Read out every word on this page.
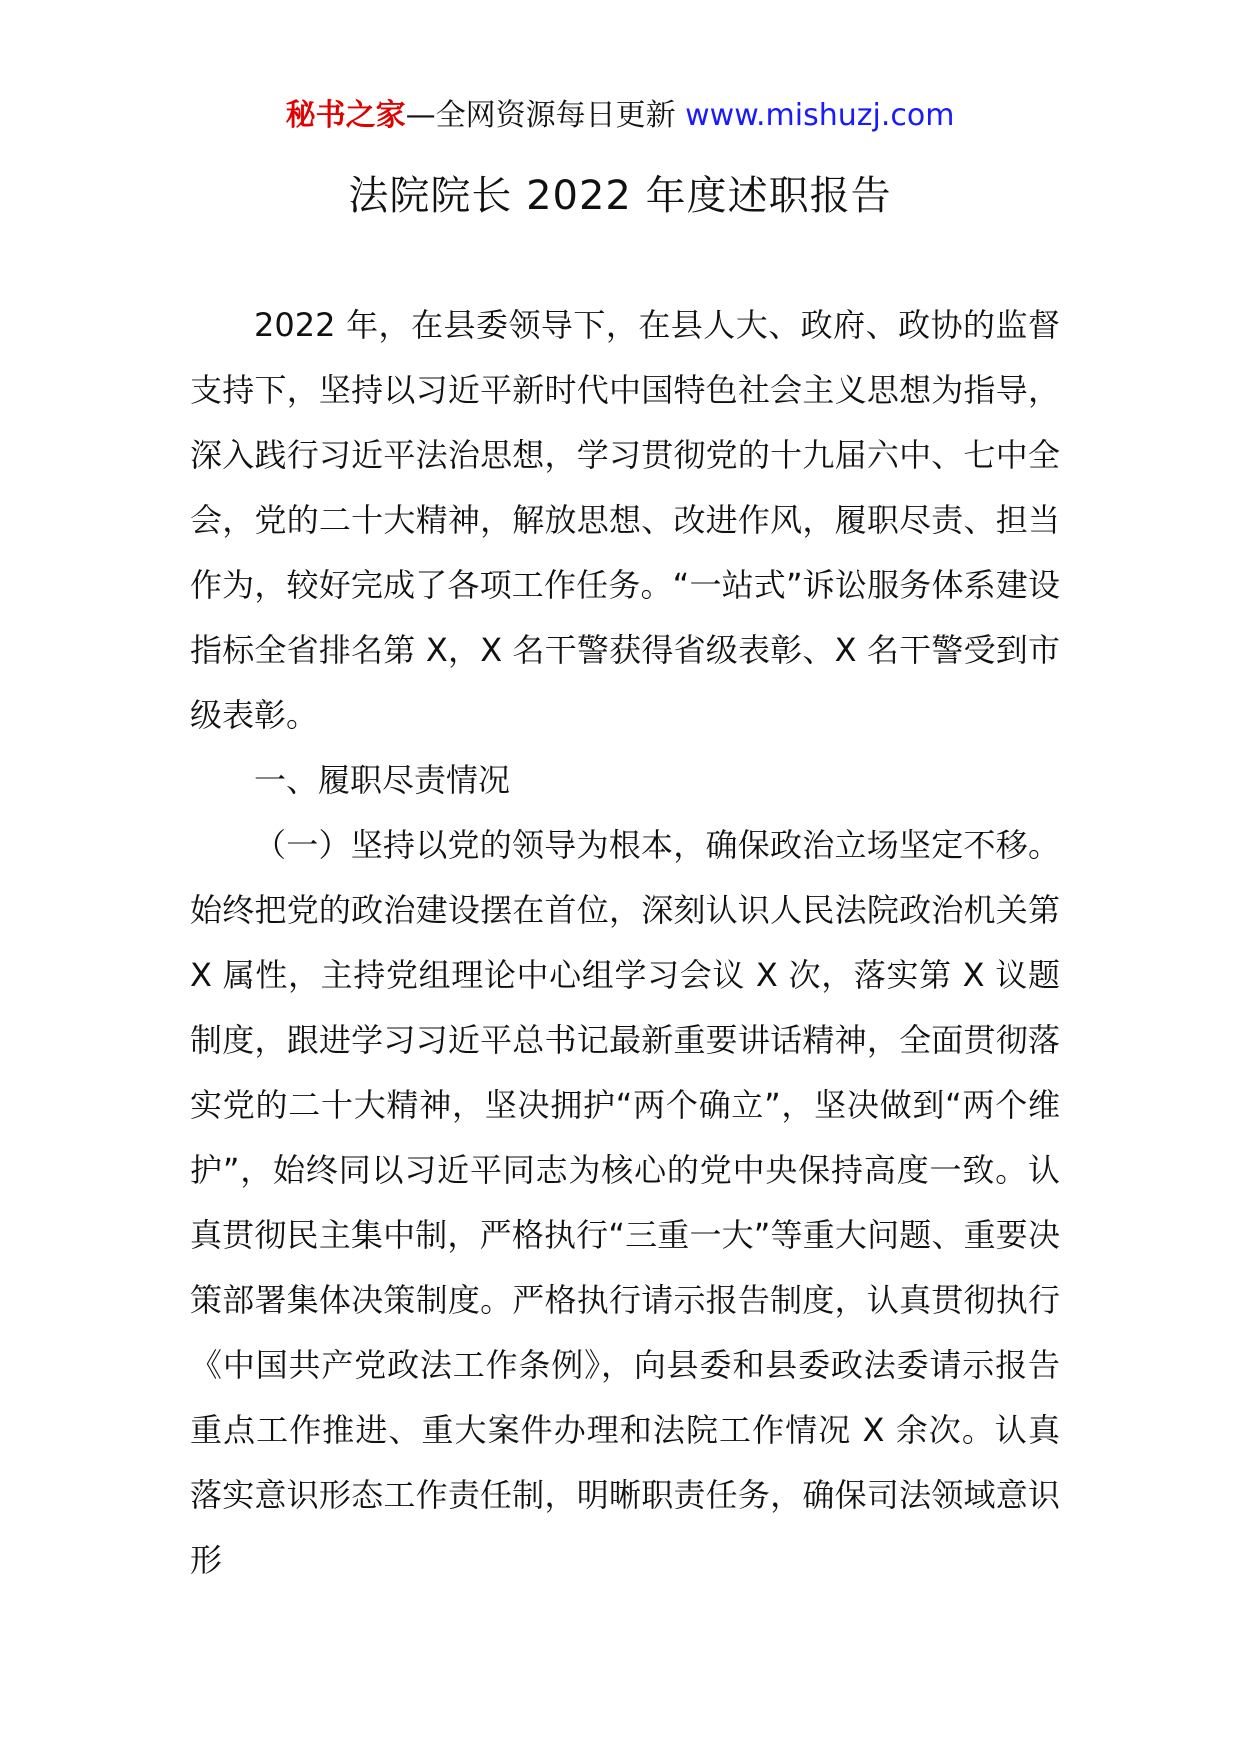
秘书之家—全网资源每日更新 www.mishuzj.com
法院院长 2022 年度述职报告

2022 年，在县委领导下，在县人大、政府、政协的监督支持下，坚持以习近平新时代中国特色社会主义思想为指导，深入践行习近平法治思想，学习贯彻党的十九届六中、七中全会，党的二十大精神，解放思想、改进作风，履职尽责、担当作为，较好完成了各项工作任务。“一站式”诉讼服务体系建设指标全省排名第 X，X 名干警获得省级表彰、X 名干警受到市级表彰。

一、履职尽责情况

（一）坚持以党的领导为根本，确保政治立场坚定不移。始终把党的政治建设摆在首位，深刻认识人民法院政治机关第 X 属性，主持党组理论中心组学习会议 X 次，落实第 X 议题制度，跟进学习习近平总书记最新重要讲话精神，全面贯彻落实党的二十大精神，坚决拥护“两个确立”，坚决做到“两个维护”，始终同以习近平同志为核心的党中央保持高度一致。认真贯彻民主集中制，严格执行“三重一大”等重大问题、重要决策部署集体决策制度。严格执行请示报告制度，认真贯彻执行《中国共产党政法工作条例》，向县委和县委政法委请示报告重点工作推进、重大案件办理和法院工作情况 X 余次。认真落实意识形态工作责任制，明晰职责任务，确保司法领域意识形
